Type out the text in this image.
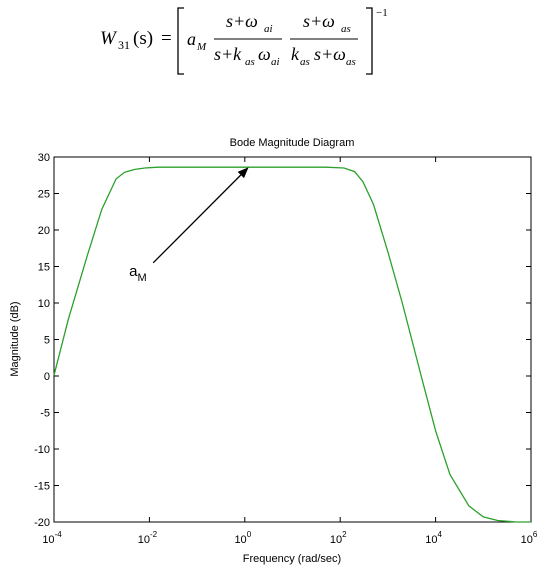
W 31 (s) = a M
s+ω ai
s+k as ω ai
s+ω as
k as s+ω as
−1
Bode Magnitude Diagram
30
25
20
15
10
5
0
-5
-10
-15
-20
$10^{-4}$	$10^{-2}$	$10^0$	$10^2$	$10^4$	$10^6$
$a_M$
Frequency (rad/sec)
Magnitude (dB)
